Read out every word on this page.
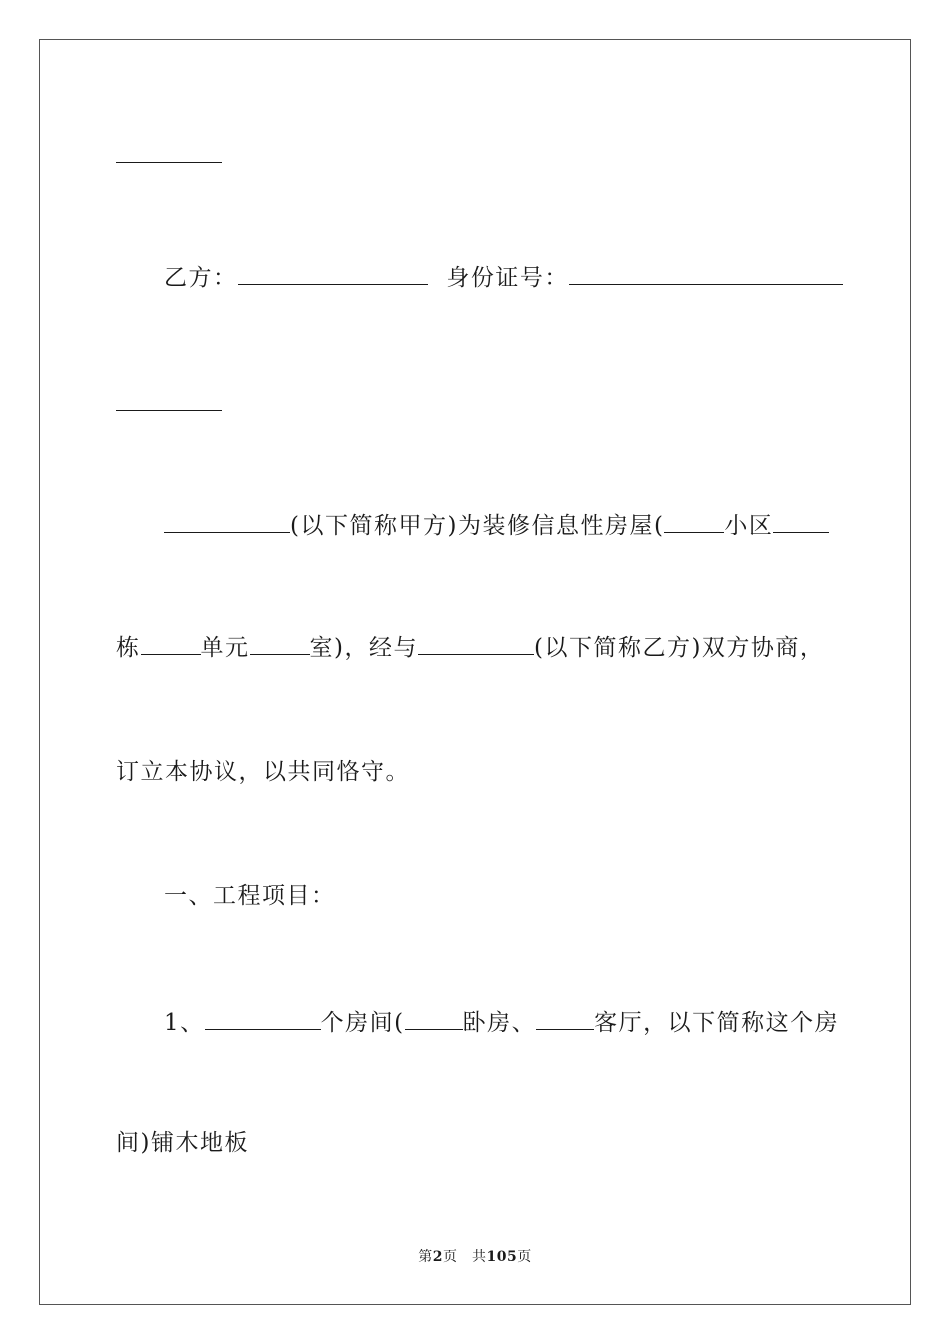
乙方：	身份证号：
(以下简称甲方)为装修信息性房屋(	小区
栋	单元	室)，经与	(以下简称乙方)双方协商，
订立本协议，以共同恪守。
一、工程项目：
1、	个房间(	卧房、	客厅，以下简称这个房
间)铺木地板
第2页　共105页
